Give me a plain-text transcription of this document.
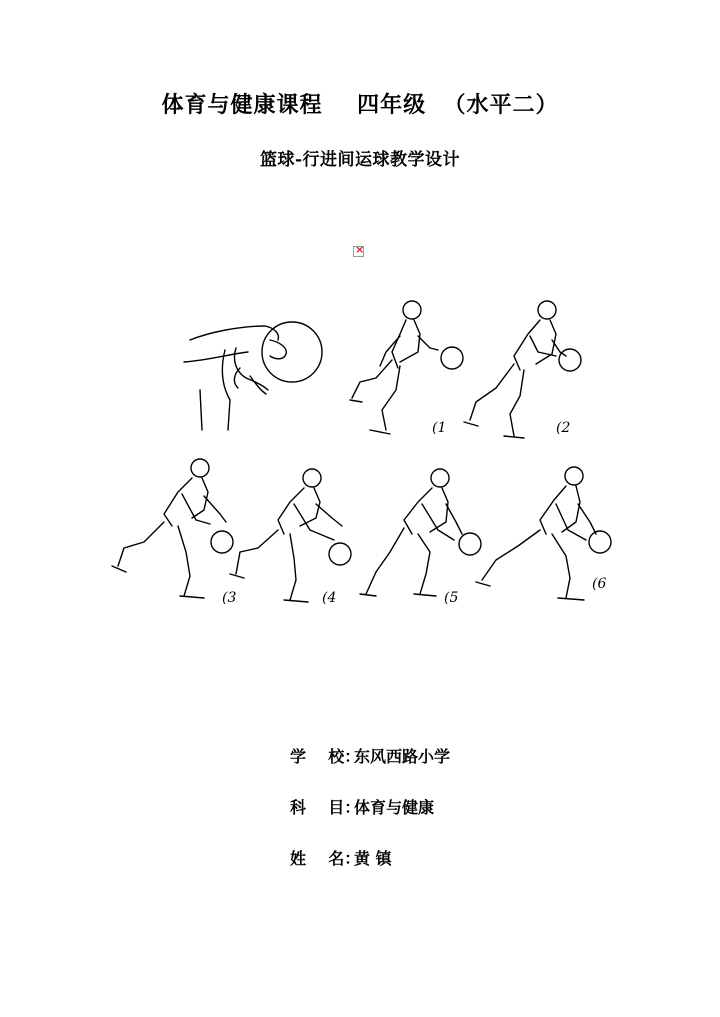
体育与健康课程    四年级  （水平二）
篮球-行进间运球教学设计
×
(1	(2
(3	(4	(5
(6
学    校：东风西路小学
科    目：体育与健康
姓    名：黄 镇
